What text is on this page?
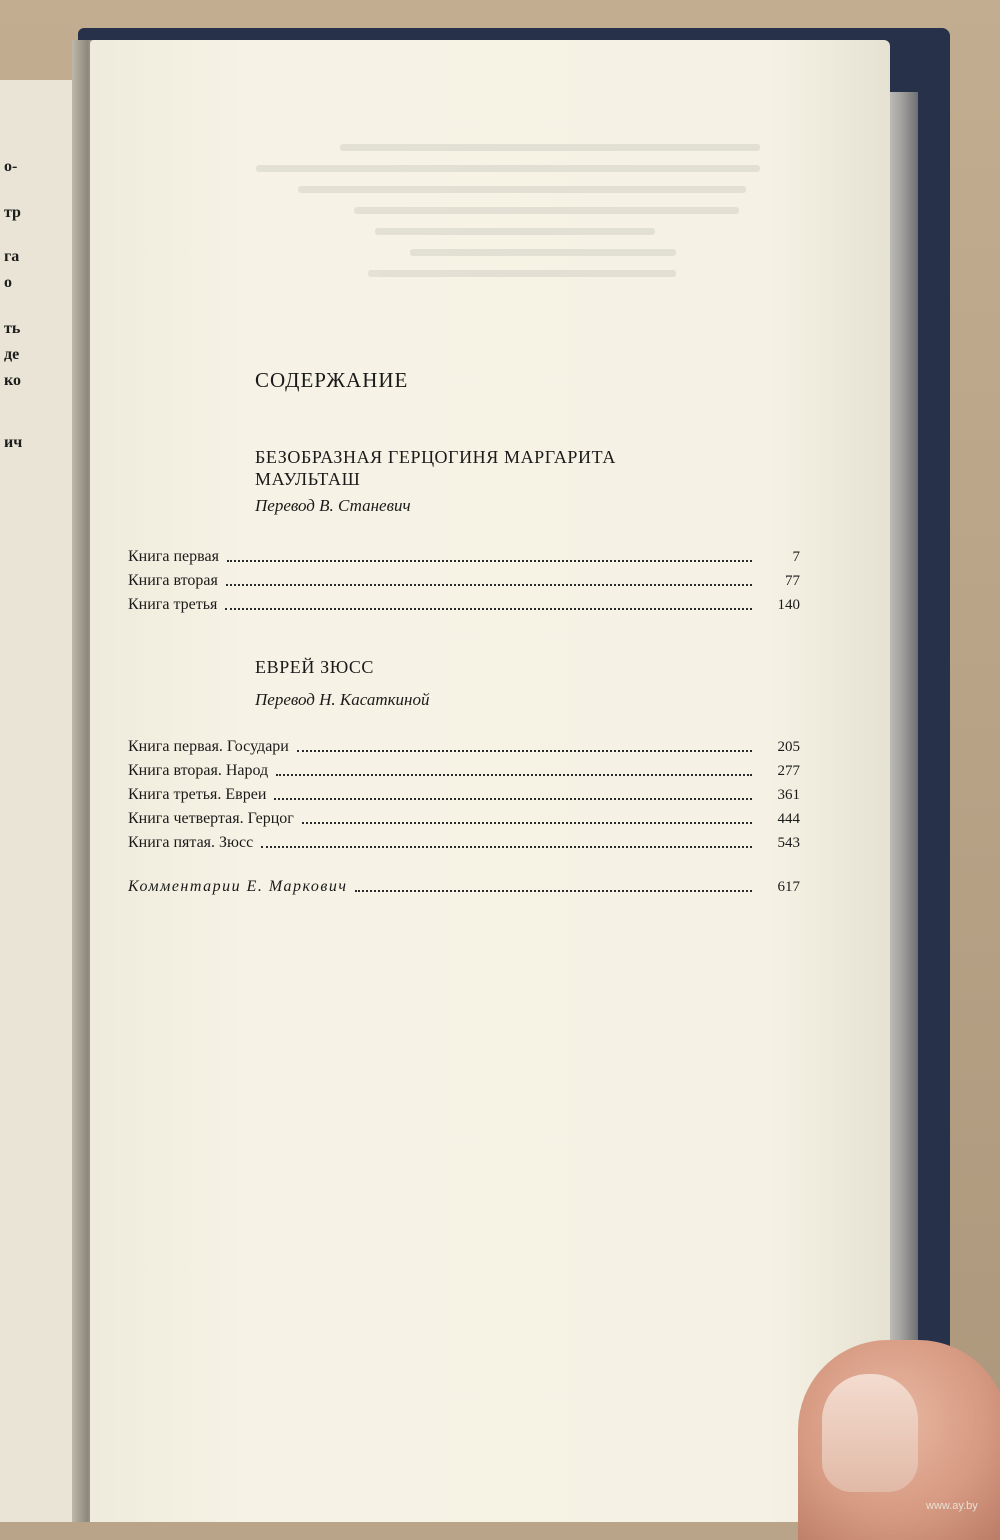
о-
тр
га
о
ть
де
ко
ич
СОДЕРЖАНИЕ
БЕЗОБРАЗНАЯ ГЕРЦОГИНЯ МАРГАРИТА МАУЛЬТАШ
Перевод В. Станевич
Книга первая	7
Книга вторая	77
Книга третья	140
ЕВРЕЙ ЗЮСС
Перевод Н. Касаткиной
Книга первая. Государи	205
Книга вторая. Народ	277
Книга третья. Евреи	361
Книга четвертая. Герцог	444
Книга пятая. Зюсс	543
Комментарии Е. Маркович	617
www.ay.by
